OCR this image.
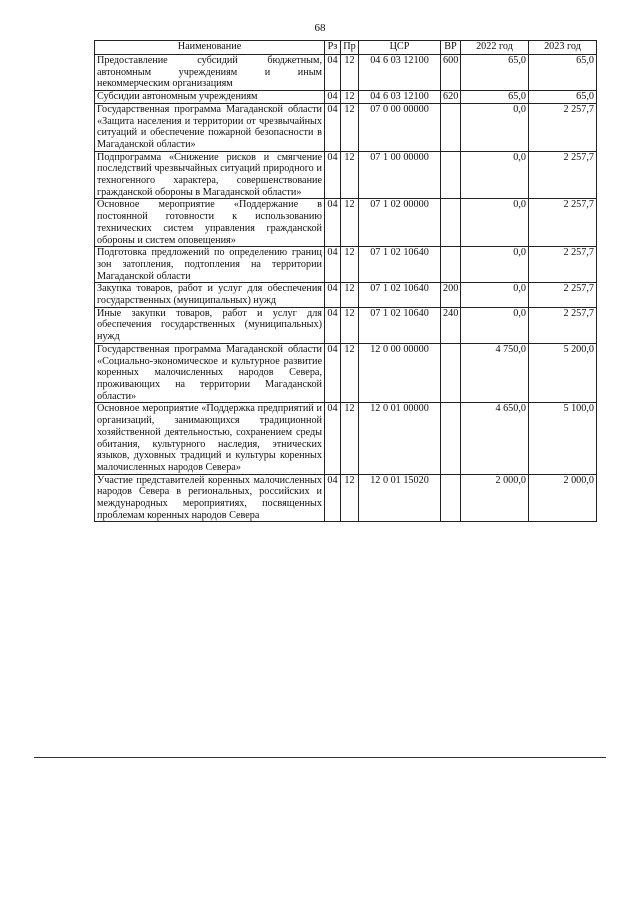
68
Наименование	Рз	Пр	ЦСР	ВР	2022 год	2023 год
Предоставление субсидий бюджетным, автономным учреждениям и иным некоммерческим организациям	04	12	04 6 03 12100	600	65,0	65,0
Субсидии автономным учреждениям	04	12	04 6 03 12100	620	65,0	65,0
Государственная программа Магаданской области «Защита населения и территории от чрезвычайных ситуаций и обеспечение пожарной безопасности в Магаданской области»	04	12	07 0 00 00000		0,0	2 257,7
Подпрограмма «Снижение рисков и смягчение последствий чрезвычайных ситуаций природного и техногенного характера, совершенствование гражданской обороны в Магаданской области»	04	12	07 1 00 00000		0,0	2 257,7
Основное мероприятие «Поддержание в постоянной готовности к использованию технических систем управления гражданской обороны и систем оповещения»	04	12	07 1 02 00000		0,0	2 257,7
Подготовка предложений по определению границ зон затопления, подтопления на территории Магаданской области	04	12	07 1 02 10640		0,0	2 257,7
Закупка товаров, работ и услуг для обеспечения государственных (муниципальных) нужд	04	12	07 1 02 10640	200	0,0	2 257,7
Иные закупки товаров, работ и услуг для обеспечения государственных (муниципальных) нужд	04	12	07 1 02 10640	240	0,0	2 257,7
Государственная программа Магаданской области «Социально-экономическое и культурное развитие коренных малочисленных народов Севера, проживающих на территории Магаданской области»	04	12	12 0 00 00000		4 750,0	5 200,0
Основное мероприятие «Поддержка предприятий и организаций, занимающихся традиционной хозяйственной деятельностью, сохранением среды обитания, культурного наследия, этнических языков, духовных традиций и культуры коренных малочисленных народов Севера»	04	12	12 0 01 00000		4 650,0	5 100,0
Участие представителей коренных малочисленных народов Севера в региональных, российских и международных мероприятиях, посвященных проблемам коренных народов Севера	04	12	12 0 01 15020		2 000,0	2 000,0
